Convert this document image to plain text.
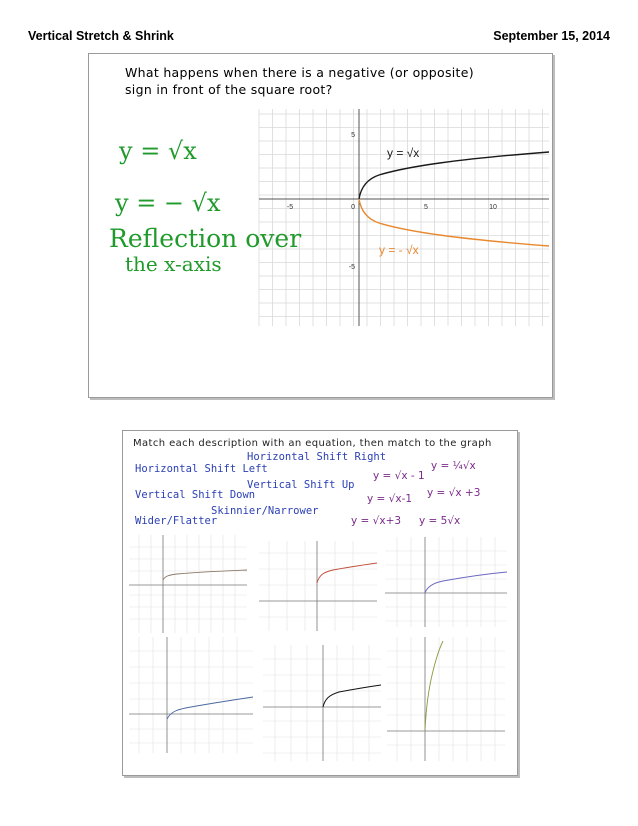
Vertical Stretch & Shrink	September 15, 2014
What happens when there is a negative (or opposite)
sign in front of the square root?
-5	0	5	10
5
-5
y = √x
y = - √x
y = √x
y = − √x
Reflection over
the x-axis
Match each description with an equation, then match to the graph
Horizontal Shift Right
Horizontal Shift Left
Vertical Shift Up
Vertical Shift Down
Skinnier/Narrower
Wider/Flatter
y = √x - 1
y = ¼√x
y = √x-1 y = √x +3
y = √x+3 y = 5√x
